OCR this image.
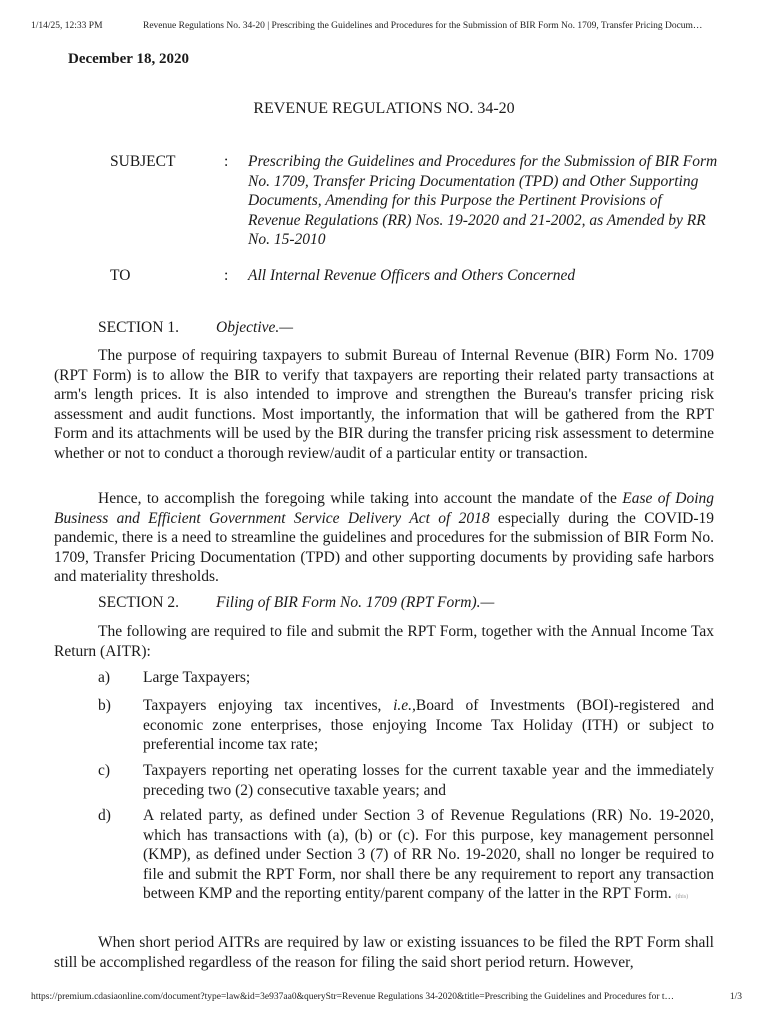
1/14/25, 12:33 PM	Revenue Regulations No. 34-20 | Prescribing the Guidelines and Procedures for the Submission of BIR Form No. 1709, Transfer Pricing Docum…
December 18, 2020
REVENUE REGULATIONS NO. 34-20
SUBJECT	: Prescribing the Guidelines and Procedures for the Submission of BIR Form No. 1709, Transfer Pricing Documentation (TPD) and Other Supporting Documents, Amending for this Purpose the Pertinent Provisions of Revenue Regulations (RR) Nos. 19-2020 and 21-2002, as Amended by RR No. 15-2010
TO	: All Internal Revenue Officers and Others Concerned
SECTION 1. Objective.—
The purpose of requiring taxpayers to submit Bureau of Internal Revenue (BIR) Form No. 1709 (RPT Form) is to allow the BIR to verify that taxpayers are reporting their related party transactions at arm's length prices. It is also intended to improve and strengthen the Bureau's transfer pricing risk assessment and audit functions. Most importantly, the information that will be gathered from the RPT Form and its attachments will be used by the BIR during the transfer pricing risk assessment to determine whether or not to conduct a thorough review/audit of a particular entity or transaction.
Hence, to accomplish the foregoing while taking into account the mandate of the Ease of Doing Business and Efficient Government Service Delivery Act of 2018 especially during the COVID-19 pandemic, there is a need to streamline the guidelines and procedures for the submission of BIR Form No. 1709, Transfer Pricing Documentation (TPD) and other supporting documents by providing safe harbors and materiality thresholds.
SECTION 2. Filing of BIR Form No. 1709 (RPT Form).—
The following are required to file and submit the RPT Form, together with the Annual Income Tax Return (AITR):
a) Large Taxpayers;
b) Taxpayers enjoying tax incentives, i.e.,Board of Investments (BOI)-registered and economic zone enterprises, those enjoying Income Tax Holiday (ITH) or subject to preferential income tax rate;
c) Taxpayers reporting net operating losses for the current taxable year and the immediately preceding two (2) consecutive taxable years; and
d) A related party, as defined under Section 3 of Revenue Regulations (RR) No. 19-2020, which has transactions with (a), (b) or (c). For this purpose, key management personnel (KMP), as defined under Section 3 (7) of RR No. 19-2020, shall no longer be required to file and submit the RPT Form, nor shall there be any requirement to report any transaction between KMP and the reporting entity/parent company of the latter in the RPT Form. (this)
When short period AITRs are required by law or existing issuances to be filed the RPT Form shall still be accomplished regardless of the reason for filing the said short period return. However,
https://premium.cdasiaonline.com/document?type=law&id=3e937aa0&queryStr=Revenue Regulations 34-2020&title=Prescribing the Guidelines and Procedures for t…	1/3
